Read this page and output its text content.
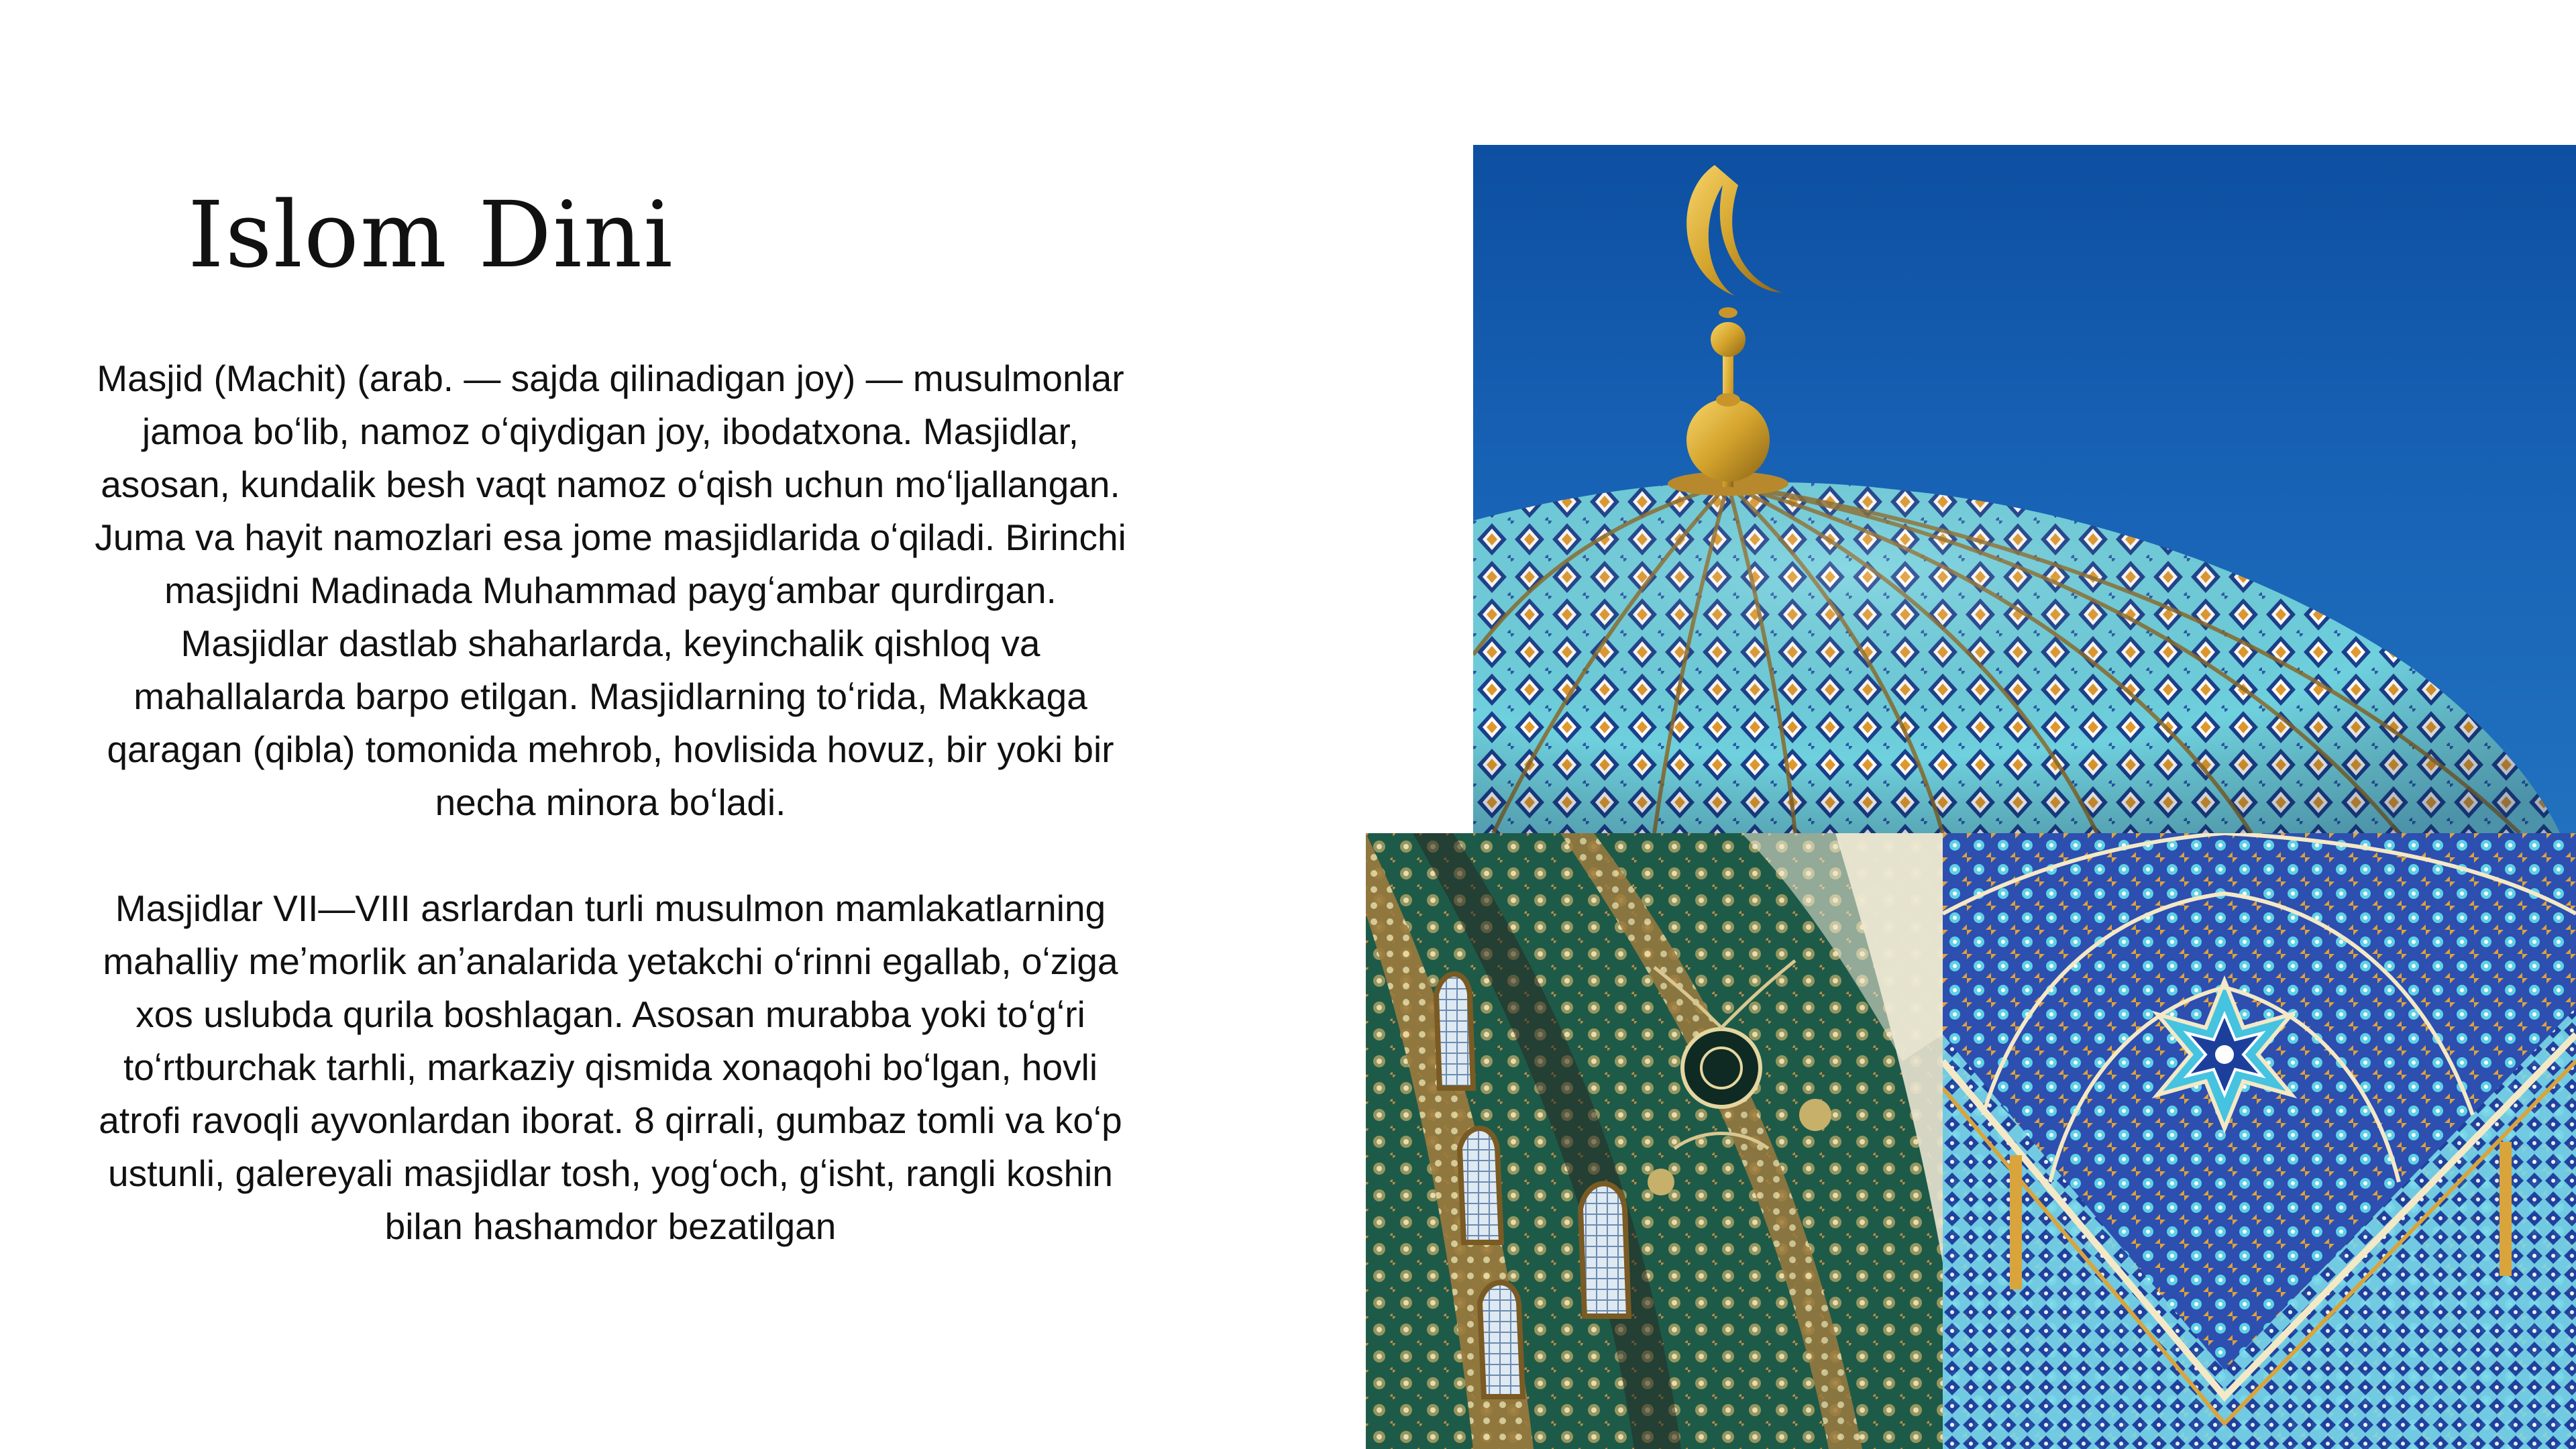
Islom Dini

Masjid (Machit) (arab. — sajda qilinadigan joy) — musulmonlar jamoa boʻlib, namoz oʻqiydigan joy, ibodatxona. Masjidlar, asosan, kundalik besh vaqt namoz oʻqish uchun moʻljallangan. Juma va hayit namozlari esa jome masjidlarida oʻqiladi. Birinchi masjidni Madinada Muhammad paygʻambar qurdirgan. Masjidlar dastlab shaharlarda, keyinchalik qishloq va mahallalarda barpo etilgan. Masjidlarning toʻrida, Makkaga qaragan (qibla) tomonida mehrob, hovlisida hovuz, bir yoki bir necha minora boʻladi.

Masjidlar VII—VIII asrlardan turli musulmon mamlakatlarning mahalliy meʼmorlik anʼanalarida yetakchi oʻrinni egallab, oʻziga xos uslubda qurila boshlagan. Asosan murabba yoki toʻgʻri toʻrtburchak tarhli, markaziy qismida xonaqohi boʻlgan, hovli atrofi ravoqli ayvonlardan iborat. 8 qirrali, gumbaz tomli va koʻp ustunli, galereyali masjidlar tosh, yogʻoch, gʻisht, rangli koshin bilan hashamdor bezatilgan
